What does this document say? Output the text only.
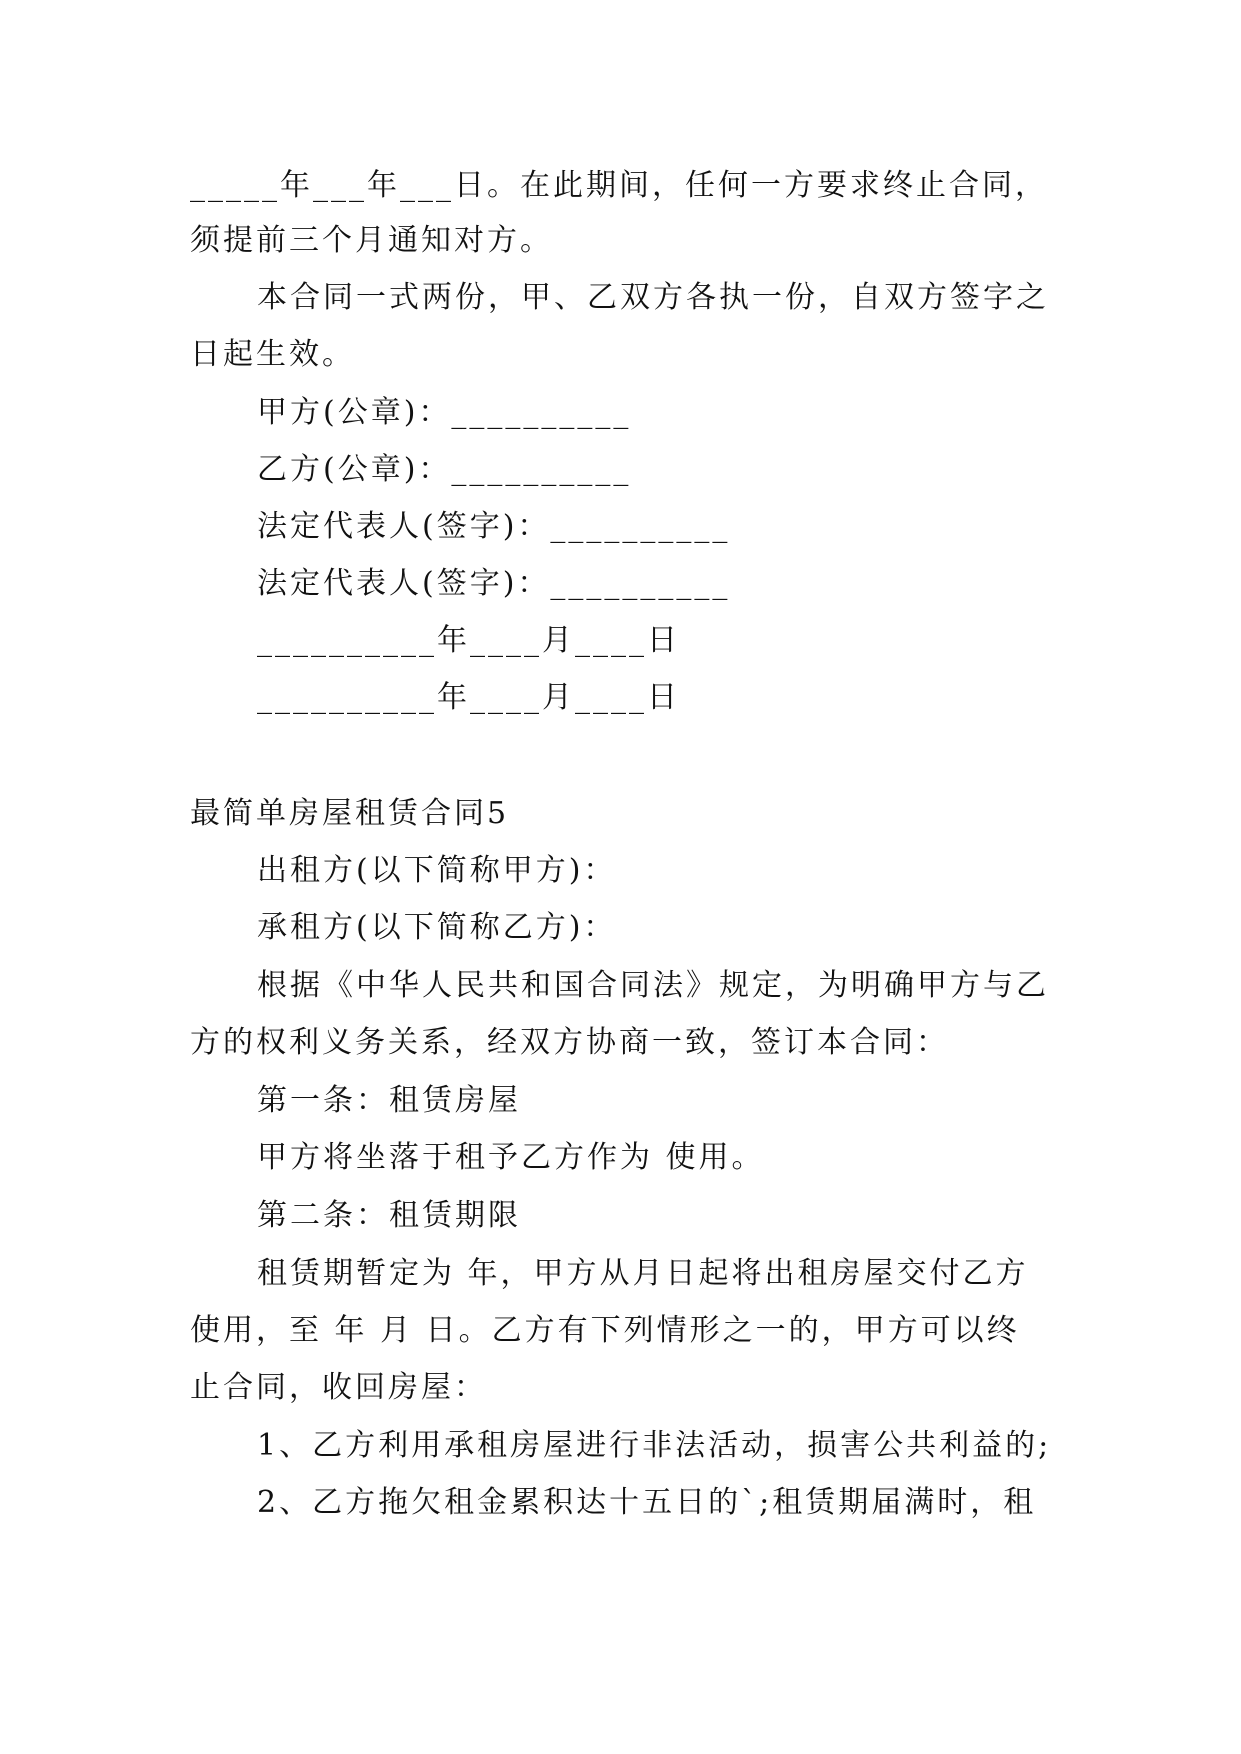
_____年___年___日。在此期间，任何一方要求终止合同，
须提前三个月通知对方。
本合同一式两份，甲、乙双方各执一份，自双方签字之
日起生效。
甲方(公章)：__________
乙方(公章)：__________
法定代表人(签字)：__________
法定代表人(签字)：__________
__________年____月____日
__________年____月____日
最简单房屋租赁合同5
出租方(以下简称甲方)：
承租方(以下简称乙方)：
根据《中华人民共和国合同法》规定，为明确甲方与乙
方的权利义务关系，经双方协商一致，签订本合同：
第一条：租赁房屋
甲方将坐落于租予乙方作为 使用。
第二条：租赁期限
租赁期暂定为 年，甲方从月日起将出租房屋交付乙方
使用，至 年 月 日。乙方有下列情形之一的，甲方可以终
止合同，收回房屋：
1、乙方利用承租房屋进行非法活动，损害公共利益的;
2、乙方拖欠租金累积达十五日的`;租赁期届满时，租
